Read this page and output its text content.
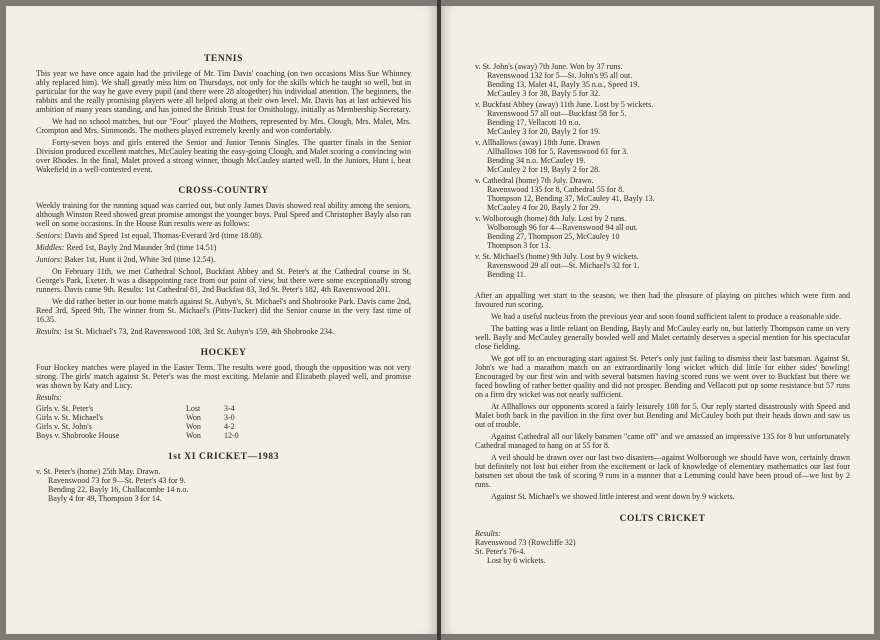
TENNIS

This year we have once again had the privilege of Mr. Tim Davis' coaching (on two occasions Miss Sue Whinney ably replaced him). We shall greatly miss him on Thursdays, not only for the skills which he taught so well, but in particular for the way he gave every pupil (and there were 28 altogether) his individual attention. The beginners, the rabbits and the really promising players were all helped along at their own level. Mr. Davis has at last achieved his ambition of many years standing, and has joined the British Trust for Ornithology, initially as Membership Secretary.

We had no school matches, but our "Four" played the Mothers, represented by Mrs. Clough, Mrs. Malet, Mrs. Crompton and Mrs. Simmonds. The mothers played extremely keenly and won comfortably.

Forty-seven boys and girls entered the Senior and Junior Tennis Singles. The quarter finals in the Senior Division produced excellent matches, McCauley beating the easy-going Clough, and Malet scoring a convincing win over Rhodes. In the final, Malet proved a strong winner, though McCauley started well. In the Juniors, Hunt i, beat Wakefield in a well-contested event.

CROSS-COUNTRY

Weekly training for the running squad was carried out, but only James Davis showed real ability among the seniors, although Winston Reed showed great promise amongst the younger boys. Paul Speed and Christopher Bayly also ran well on some occasions. In the House Run results were as follows:

Seniors: Davis and Speed 1st equal, Thomas-Everard 3rd (time 18.08).

Middles: Reed 1st, Bayly 2nd Maunder 3rd (time 14.51)

Juniors: Baker 1st, Hunt ii 2nd, White 3rd (time 12.54).

On February 11th, we met Cathedral School, Buckfast Abbey and St. Peter's at the Cathedral course in St. George's Park, Exeter. It was a disappointing race from our point of view, but there were some exceptionally strong runners. Davis came 9th. Results: 1st Cathedral 81, 2nd Buckfast 83, 3rd St. Peter's 182, 4th Ravenswood 201.

We did rather better in our home match against St. Aubyn's, St. Michael's and Shobrooke Park. Davis came 2nd, Reed 3rd, Speed 9th. The winner from St. Michael's (Pitts-Tucker) did the Senior course in the very fast time of 16.35.

Results: 1st St. Michael's 73, 2nd Ravenswood 108, 3rd St. Aubyn's 159, 4th Shobrooke 234.

HOCKEY

Four Hockey matches were played in the Easter Term. The results were good, though the opposition was not very strong. The girls' match against St. Peter's was the most exciting. Melanie and Elizabeth played well, and promise was shown by Katy and Lucy.

Results:
Girls v. St. Peter's	Lost	3-4
Girls v. St. Michael's	Won	3-0
Girls v. St. John's	Won	4-2
Boys v. Shobrooke House	Won	12-0
1st XI CRICKET—1983
v. St. Peter's (home) 25th May. Drawn.
Ravenswood 73 for 9—St. Peter's 43 for 9.
Bending 22, Bayly 16, Challacombe 14 n.o.
Bayly 4 for 49, Thompson 3 for 14.
v. St. John's (away) 7th June. Won by 37 runs.
Ravenswood 132 for 5—St. John's 95 all out.
Bending 13, Malet 41, Bayly 35 n.o., Speed 19.
McCauley 3 for 38, Bayly 5 for 32.
v. Buckfast Abbey (away) 11th June. Lost by 5 wickets.
Ravenswood 57 all out—Buckfast 58 for 5.
Bending 17, Vellacott 10 n.o.
McCauley 3 for 20, Bayly 2 for 19.
v. Allhallows (away) 18th June. Drawn
Allhallows 108 for 5, Ravenswood 61 for 3.
Bending 34 n.o. McCauley 19.
McCauley 2 for 19, Bayly 2 for 28.
v. Cathedral (home) 7th July. Drawn.
Ravenswood 135 for 8, Cathedral 55 for 8.
Thompson 12, Bending 37, McCauley 41, Bayly 13.
McCauley 4 for 20, Bayly 2 for 29.
v. Wolborough (home) 8th July. Lost by 2 runs.
Wolborough 96 for 4—Ravenswood 94 all out.
Bending 27, Thompson 25, McCauley 10
Thompson 3 for 13.
v. St. Michael's (home) 9th July. Lost by 9 wickets.
Ravenswood 29 all out—St. Michael's 32 for 1.
Bending 11.

After an appalling wet start to the season, we then had the pleasure of playing on pitches which were firm and favoured run scoring.

We had a useful nucleus from the previous year and soon found sufficient talent to produce a reasonable side.

The batting was a little reliant on Bending, Bayly and McCauley early on, but latterly Thompson came on very well. Bayly and McCauley generally bowled well and Malet certainly deserves a special mention for his spectacular close fielding.

We got off to an encouraging start against St. Peter's only just failing to dismiss their last batsman. Against St. John's we had a marathon match on an extraordinarily long wicket which did little for either sides' bowling! Encouraged by our first win and with several batsmen having scored runs we went over to Buckfast but there we faced bowling of rather better quality and did not prosper. Bending and Vellacott put up some resistance but 57 runs on a firm dry wicket was not nearly sufficient.

At Allhallows our opponents scored a fairly leisurely 108 for 5. Our reply started disastrously with Speed and Malet both back in the pavilion in the first over but Bending and McCauley both put their heads down and saw us out of trouble.

Against Cathedral all our likely batsmen "came off" and we amassed an impressive 135 for 8 but unfortunately Cathedral managed to hang on at 55 for 8.

A veil should be drawn over our last two disasters—against Wolborough we should have won, certainly drawn but definitely not lost but either from the excitement or lack of knowledge of elementary mathematics our last four batsmen set about the task of scoring 9 runs in a manner that a Lemming could have been proud of—we lost by 2 runs.

Against St. Michael's we showed little interest and went down by 9 wickets.

COLTS CRICKET
Results:
Ravenswood 73 (Rowcliffe 32)
St. Peter's 76-4.
Lost by 6 wickets.
